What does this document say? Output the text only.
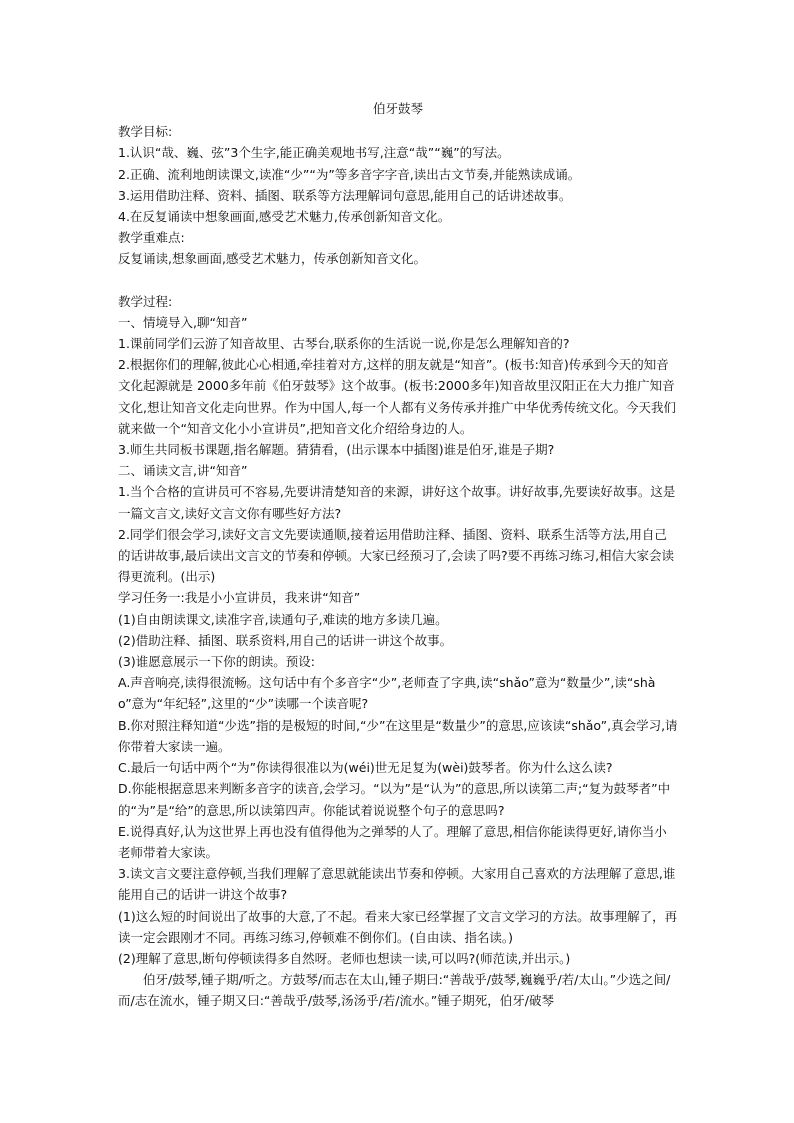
伯牙鼓琴

教学目标:

1.认识“哉、巍、弦”3个生字,能正确美观地书写,注意“哉”“巍”的写法。

2.正确、流利地朗读课文,读准“少”“为”等多音字字音,读出古文节奏,并能熟读成诵。

3.运用借助注释、资料、插图、联系等方法理解词句意思,能用自己的话讲述故事。

4.在反复诵读中想象画面,感受艺术魅力,传承创新知音文化。

教学重难点:

反复诵读,想象画面,感受艺术魅力，传承创新知音文化。

教学过程:

一、情境导入,聊“知音”

1.课前同学们云游了知音故里、古琴台,联系你的生活说一说,你是怎么理解知音的?

2.根据你们的理解,彼此心心相通,牵挂着对方,这样的朋友就是“知音”。(板书:知音)传承到今天的知音文化起源就是 2000多年前《伯牙鼓琴》这个故事。(板书:2000多年)知音故里汉阳正在大力推广知音文化,想让知音文化走向世界。作为中国人,每一个人都有义务传承并推广中华优秀传统文化。今天我们就来做一个“知音文化小小宣讲员”,把知音文化介绍给身边的人。

3.师生共同板书课题,指名解题。猜猜看，(出示课本中插图)谁是伯牙,谁是子期?

二、诵读文言,讲“知音”

1.当个合格的宣讲员可不容易,先要讲清楚知音的来源，讲好这个故事。讲好故事,先要读好故事。这是一篇文言文,读好文言文你有哪些好方法?

2.同学们很会学习,读好文言文先要读通顺,接着运用借助注释、插图、资料、联系生活等方法,用自己的话讲故事,最后读出文言文的节奏和停顿。大家已经预习了,会读了吗?要不再练习练习,相信大家会读得更流利。(出示)

学习任务一:我是小小宣讲员，我来讲“知音”

(1)自由朗读课文,读准字音,读通句子,难读的地方多读几遍。

(2)借助注释、插图、联系资料,用自己的话讲一讲这个故事。

(3)谁愿意展示一下你的朗读。预设:

A.声音响亮,读得很流畅。这句话中有个多音字“少”,老师查了字典,读“shǎo”意为“数量少”,读“shào”意为“年纪轻”,这里的“少”读哪一个读音呢?

B.你对照注释知道“少选”指的是极短的时间,“少”在这里是“数量少”的意思,应该读“shǎo”,真会学习,请你带着大家读一遍。

C.最后一句话中两个“为”你读得很准以为(wéi)世无足复为(wèi)鼓琴者。你为什么这么读?

D.你能根据意思来判断多音字的读音,会学习。“以为”是“认为”的意思,所以读第二声;“复为鼓琴者”中的“为”是“给”的意思,所以读第四声。你能试着说说整个句子的意思吗?

E.说得真好,认为这世界上再也没有值得他为之弹琴的人了。理解了意思,相信你能读得更好,请你当小老师带着大家读。

3.读文言文要注意停顿,当我们理解了意思就能读出节奏和停顿。大家用自己喜欢的方法理解了意思,谁能用自己的话讲一讲这个故事?

(1)这么短的时间说出了故事的大意,了不起。看来大家已经掌握了文言文学习的方法。故事理解了，再读一定会跟刚才不同。再练习练习,停顿难不倒你们。(自由读、指名读。)

(2)理解了意思,断句停顿读得多自然呀。老师也想读一读,可以吗?(师范读,并出示。)

伯牙/鼓琴,锺子期/听之。方鼓琴/而志在太山,锺子期曰:“善哉乎/鼓琴,巍巍乎/若/太山。”少选之间/而/志在流水，锺子期又曰:“善哉乎/鼓琴,汤汤乎/若/流水。”锺子期死，伯牙/破琴
